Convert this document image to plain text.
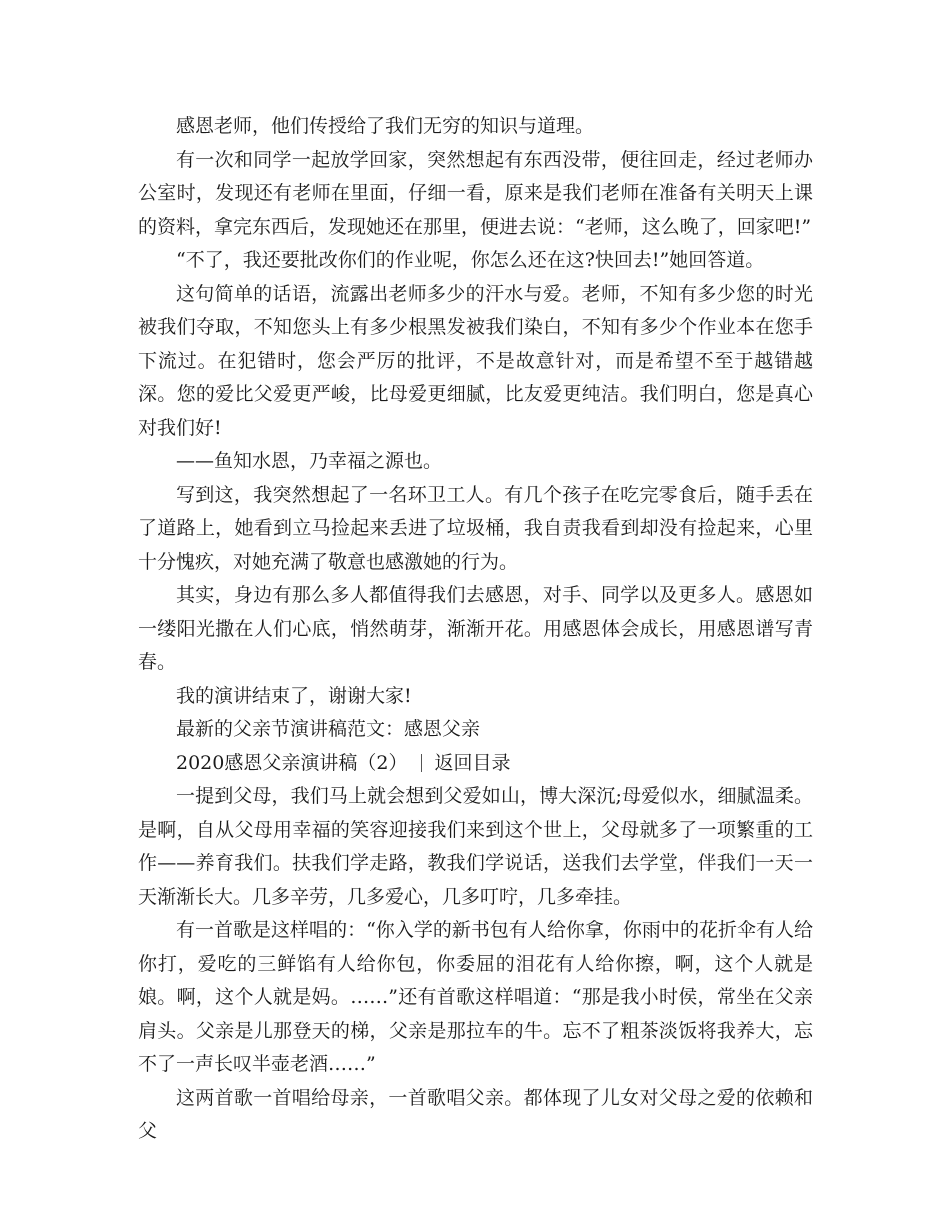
感恩老师，他们传授给了我们无穷的知识与道理。

有一次和同学一起放学回家，突然想起有东西没带，便往回走，经过老师办公室时，发现还有老师在里面，仔细一看，原来是我们老师在准备有关明天上课的资料，拿完东西后，发现她还在那里，便进去说：“老师，这么晚了，回家吧!”

“不了，我还要批改你们的作业呢，你怎么还在这?快回去!”她回答道。

这句简单的话语，流露出老师多少的汗水与爱。老师，不知有多少您的时光被我们夺取，不知您头上有多少根黑发被我们染白，不知有多少个作业本在您手下流过。在犯错时，您会严厉的批评，不是故意针对，而是希望不至于越错越深。您的爱比父爱更严峻，比母爱更细腻，比友爱更纯洁。我们明白，您是真心对我们好!

——鱼知水恩，乃幸福之源也。

写到这，我突然想起了一名环卫工人。有几个孩子在吃完零食后，随手丢在了道路上，她看到立马捡起来丢进了垃圾桶，我自责我看到却没有捡起来，心里十分愧疚，对她充满了敬意也感激她的行为。

其实，身边有那么多人都值得我们去感恩，对手、同学以及更多人。感恩如一缕阳光撒在人们心底，悄然萌芽，渐渐开花。用感恩体会成长，用感恩谱写青春。

我的演讲结束了，谢谢大家!

最新的父亲节演讲稿范文：感恩父亲

2020感恩父亲演讲稿（2） 返回目录

一提到父母，我们马上就会想到父爱如山，博大深沉;母爱似水，细腻温柔。是啊，自从父母用幸福的笑容迎接我们来到这个世上，父母就多了一项繁重的工作——养育我们。扶我们学走路，教我们学说话，送我们去学堂，伴我们一天一天渐渐长大。几多辛劳，几多爱心，几多叮咛，几多牵挂。

有一首歌是这样唱的：“你入学的新书包有人给你拿，你雨中的花折伞有人给你打，爱吃的三鲜馅有人给你包，你委屈的泪花有人给你擦，啊，这个人就是娘。啊，这个人就是妈。……”还有首歌这样唱道：“那是我小时侯，常坐在父亲肩头。父亲是儿那登天的梯，父亲是那拉车的牛。忘不了粗茶淡饭将我养大，忘不了一声长叹半壶老酒……”

这两首歌一首唱给母亲，一首歌唱父亲。都体现了儿女对父母之爱的依赖和父
